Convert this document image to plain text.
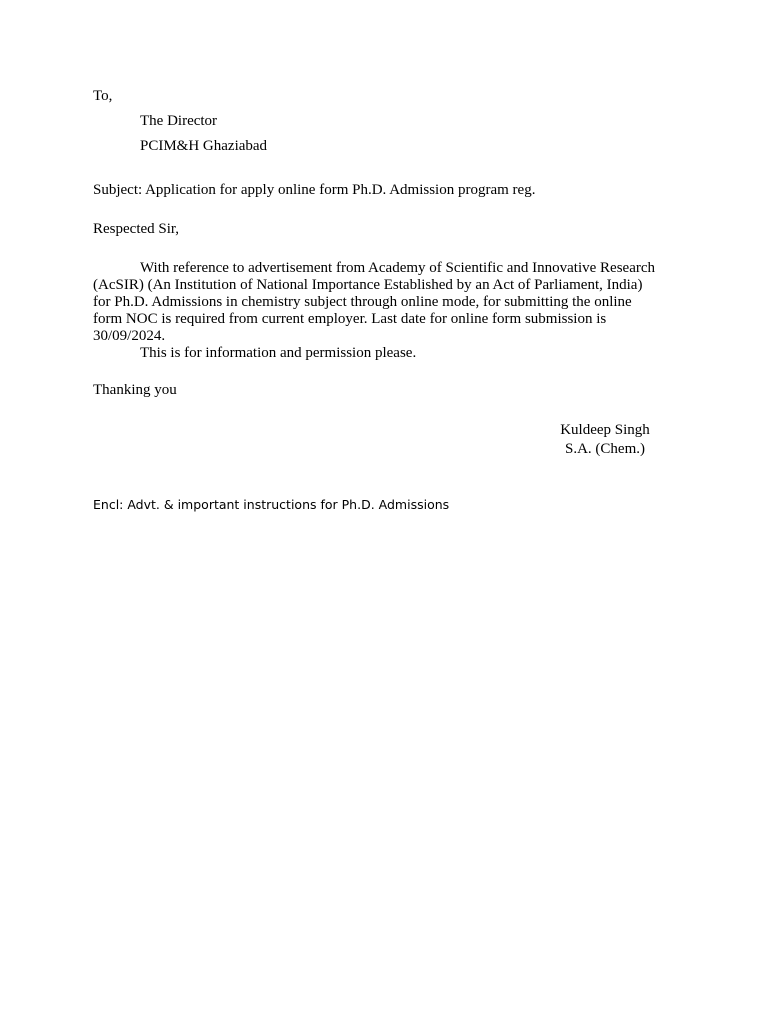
To,
The Director
PCIM&H Ghaziabad
Subject: Application for apply online form Ph.D. Admission program reg.
Respected Sir,
With reference to advertisement from Academy of Scientific and Innovative Research
(AcSIR) (An Institution of National Importance Established by an Act of Parliament, India)
for Ph.D. Admissions in chemistry subject through online mode, for submitting the online
form NOC is required from current employer. Last date for online form submission is
30/09/2024.
This is for information and permission please.
Thanking you
Kuldeep Singh
S.A. (Chem.)
Encl: Advt. & important instructions for Ph.D. Admissions
